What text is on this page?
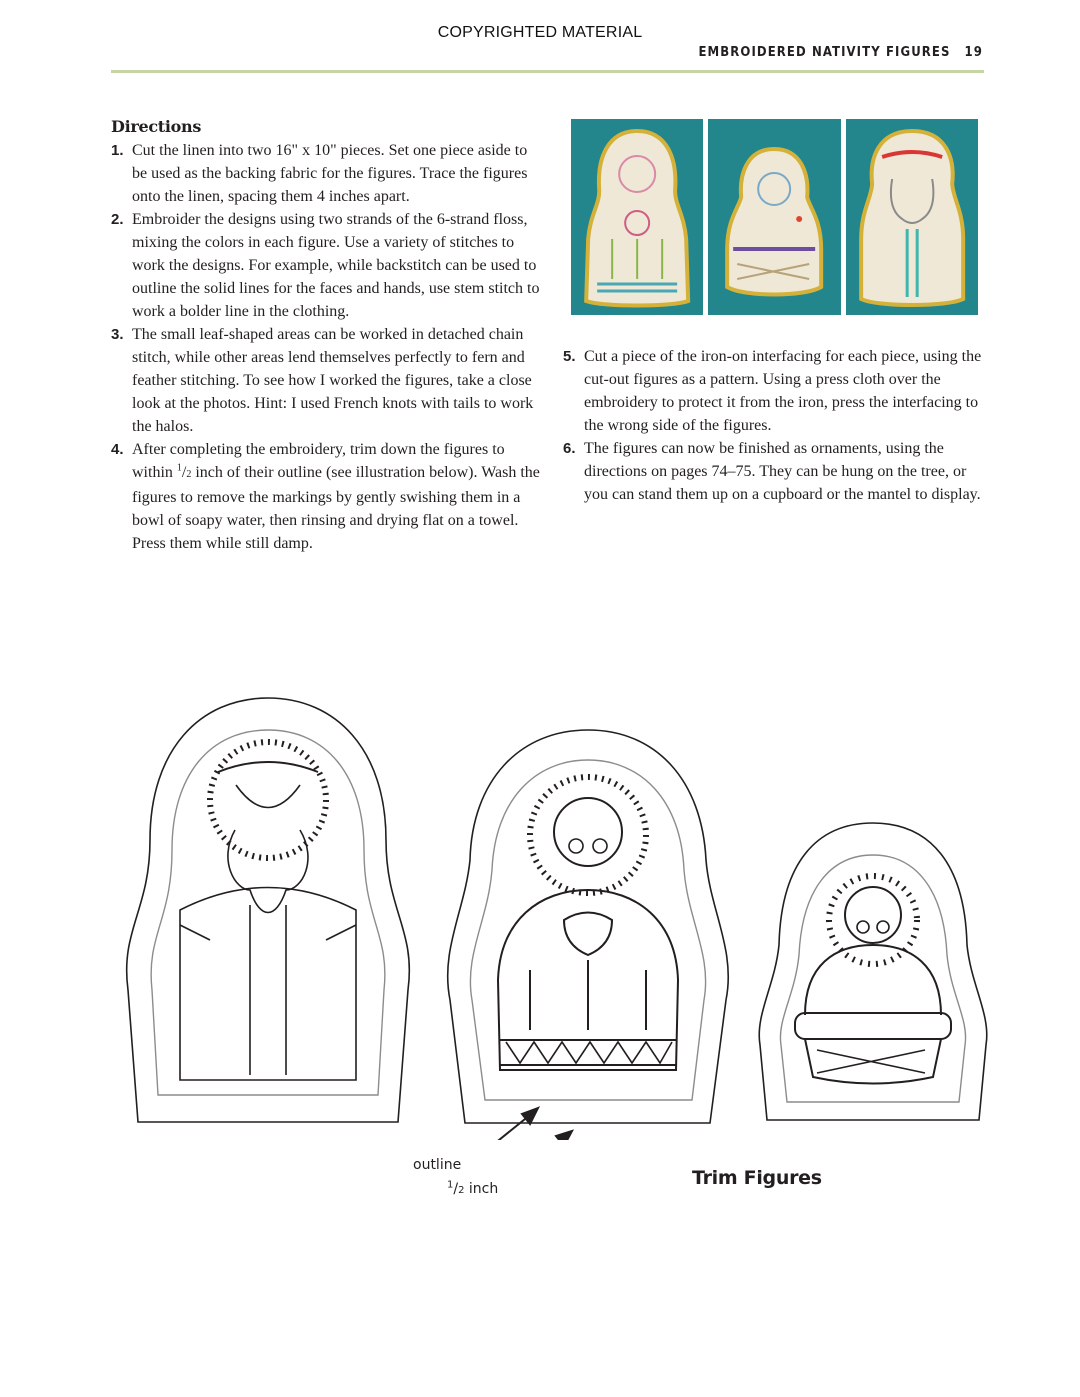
COPYRIGHTED MATERIAL
EMBROIDERED NATIVITY FIGURES 19
Directions
1. Cut the linen into two 16" x 10" pieces. Set one piece aside to be used as the backing fabric for the figures. Trace the figures onto the linen, spacing them 4 inches apart.
2. Embroider the designs using two strands of the 6-strand floss, mixing the colors in each figure. Use a variety of stitches to work the designs. For example, while backstitch can be used to outline the solid lines for the faces and hands, use stem stitch to work a bolder line in the clothing.
3. The small leaf-shaped areas can be worked in detached chain stitch, while other areas lend themselves perfectly to fern and feather stitching. To see how I worked the figures, take a close look at the photos. Hint: I used French knots with tails to work the halos.
4. After completing the embroidery, trim down the figures to within $^1$/2 inch of their outline (see illustration below). Wash the figures to remove the markings by gently swishing them in a bowl of soapy water, then rinsing and drying flat on a towel. Press them while still damp.
5. Cut a piece of the iron-on interfacing for each piece, using the cut-out figures as a pattern. Using a press cloth over the embroidery to protect it from the iron, press the interfacing to the wrong side of the figures.
6. The figures can now be finished as ornaments, using the directions on pages 74–75. They can be hung on the tree, or you can stand them up on a cupboard or the mantel to display.
outline
$^1$/2 inch	Trim Figures
